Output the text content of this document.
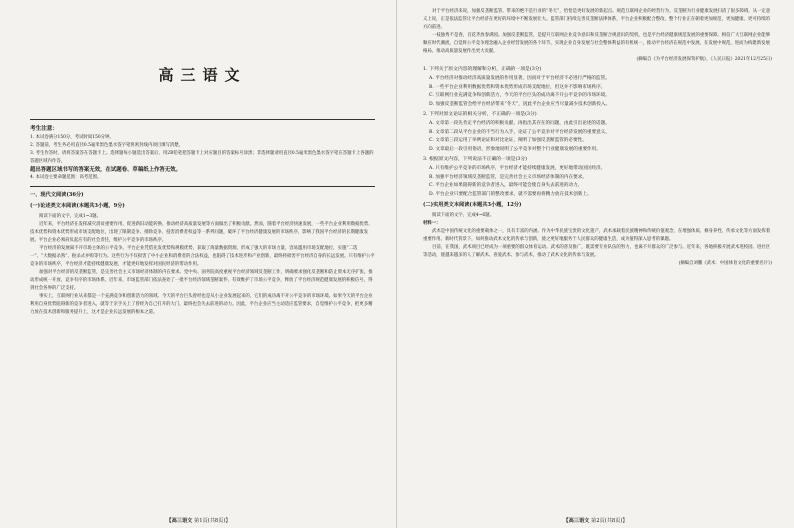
高三语文
考生注意：

1. 本试卷满分150分，考试时间150分钟。

2. 答题前，考生务必用直径0.5毫米黑色墨水签字笔将密封线内项目填写清楚。

3. 考生作答时，请将答案答在答题卡上。选择题每小题选出答案后，用2B铅笔把答题卡上对应题目的答案标号涂黑；非选择题请用直径0.5毫米黑色墨水签字笔在答题卡上各题的答题区域内作答，

超出答题区域书写的答案无效，在试题卷、草稿纸上作答无效。

4. 本试卷主要命题范围：高考范围。

一、现代文阅读(36分)
(一)论述类文本阅读(本题共3小题，9分)

阅读下面的文字，完成1~3题。

近年来，平台经济在发挥减灾消贫重要作用、促进新旧动能转换、推动经济高质量发展等方面做出了积极贡献。然而，随着平台经济快速发展，一些平台企业利用数据优势、技术优势和资本优势形成市场支配地位，出现了限制竞争、排除竞争、侵害消费者权益等一系列问题，破坏了平台经济健康发展的市场秩序，影响了我国平台经济的长期健康发展。平台企业必须肩负起应有的社会责任，维护公平竞争的市场秩序。

平台经济的发展离不开市场主体的公平竞争。平台企业凭借先发优势和规模优势，获取了海量数据资源，形成了强大的市场力量，容易滥用市场支配地位，实施“二选一”、“大数据杀熟”、扼杀式并购等行为。这些行为不仅损害了中小企业和消费者的合法权益，也阻碍了技术进步和产业创新，最终将损害平台经济自身的长远发展。只有维护公平竞争的市场秩序，平台经济才能持续健康发展，才能更好地发挥对国民经济的带动作用。

加强对平台经济的反垄断监管，是完善社会主义市场经济体制的内在要求。党中央、国务院高度重视平台经济领域反垄断工作，明确要求强化反垄断和防止资本无序扩张，推动形成统一开放、竞争有序的市场体系。近年来，市场监管部门依法查处了一批平台经济领域垄断案件，有效维护了市场公平竞争，释放了平台经济规范健康发展的积极信号，得到社会各界的广泛支持。

事实上，互联网行业从来都是一个充满竞争和创新活力的领域。今天的平台巨头曾经也是从小企业发展起来的，它们的成功离不开公平竞争的市场环境。如果今天的平台企业利用自身优势阻碍新的竞争者进入，就等于亲手关上了曾经为自己打开的大门，最终也会失去前进的动力。因此，平台企业应当主动适应监管要求，自觉维护公平竞争，把更多精力放在技术创新和服务提升上，这才是企业长远发展的根本之道。

【高三语文 第1页(共8页)】

对于平台经济来说，加强反垄断监管、带来的绝不是行业的“冬天”，恰恰是更好发展的新起点。规范互联网企业的经营行为，反垄断为行业健康发展扫清了很多障碍，从一定意义上说，正是依法监管让平台经济在更好的环境中不断发展壮大。监管部门持续完善反垄断法律体系，平台企业积极配合整改，整个行业正在朝着更加规范、更加健康、更可持续的方向前进。

一枝独秀不是春，百花齐放春满园。加强反垄断监管，是提升互联网企业竞争意识和反垄断合规意识的契机，也是平台经济健康规范发展的重要保障。相信广大互联网企业能够顺应时代潮流，自觉将公平竞争理念融入企业经营发展的各个环节，实现企业自身发展与社会整体利益的有机统一，推动平台经济在规范中发展、在发展中规范，进而为构建新发展格局、推动高质量发展作出更大贡献。

(摘编自《为平台经济发展保驾护航》，《人民日报》2021年12月25日)

1. 下列关于原文内容的理解和分析，正确的一项是(3分)

A. 平台经济对推动经济高质量发展的作用显著，因而对于平台经济不必进行严格的监管。

B. 一些平台企业利用数据优势和资本优势形成市场支配地位，但这并不影响市场秩序。

C. 互联网行业充满竞争和创新活力，今天的平台巨头的成功离不开公平竞争的市场环境。

D. 加强反垄断监管会给平台经济带来“冬天”，因此平台企业应当尽量减少技术创新投入。

2. 下列对原文论证的相关分析，不正确的一项是(3分)

A. 文章第一段先肯定平台经济的积极贡献，再指出其存在的问题，由此引出论述的话题。

B. 文章第二段从平台企业的不当行为入手，论证了公平竞争对平台经济发展的重要意义。

C. 文章第三段运用了举例论证和对比论证，阐明了加强反垄断监管的必要性。

D. 文章最后一段引用俗语，形象地说明了公平竞争对整个行业健康发展的重要作用。

3. 根据原文内容，下列说法不正确的一项是(3分)

A. 只有维护公平竞争的市场秩序，平台经济才能持续健康发展，更好地带动国民经济。

B. 加强平台经济领域反垄断监管，是完善社会主义市场经济体制的内在要求。

C. 平台企业如果阻碍新的竞争者进入，最终可能会使自身失去前进的动力。

D. 平台企业只要配合监管部门的整改要求，就不需要再将精力放在技术创新上。

(二)实用类文本阅读(本题共3小题，12分)

阅读下面的文字，完成4~6题。

材料一：

武术是中国传统文化的重要载体之一，具有丰富的内涵。作为中华民族宝贵的文化遗产，武术承载着民族精神和传统价值观念，在增强体质、修身养性、传承文化等方面发挥着重要作用。新时代背景下，如何推动武术文化的传承与创新，使之更好地服务于人民群众的健康生活，成为值得深入思考的课题。

目前，在我国，武术项目已经成为一项重要的群众体育运动。武术的普及推广，既需要专业队伍的努力，也离不开群众的广泛参与。近年来，各地积极开展武术进校园、进社区等活动，使越来越多的人了解武术、喜爱武术、参与武术，推动了武术文化的传承与发展。

(摘编自刘鹏《武术：中国体育文化的重要名片》)

【高三语文 第2页(共8页)】
